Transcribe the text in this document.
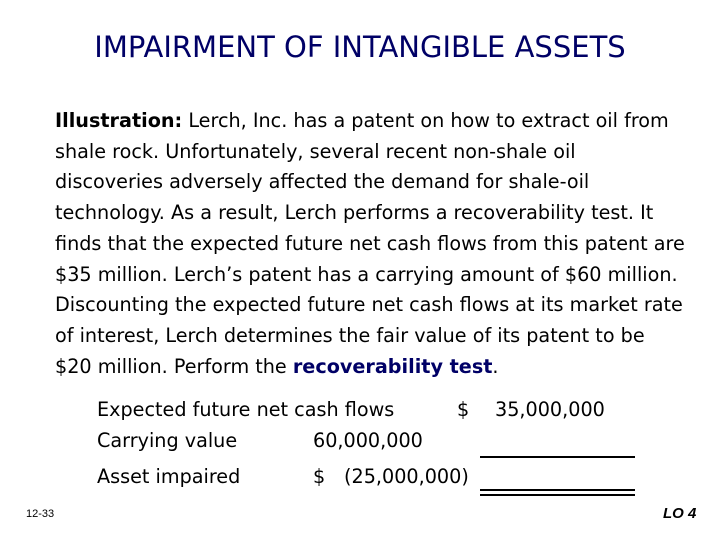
IMPAIRMENT OF INTANGIBLE ASSETS
Illustration: Lerch, Inc. has a patent on how to extract oil from shale rock. Unfortunately, several recent non-shale oil discoveries adversely affected the demand for shale-oil technology. As a result, Lerch performs a recoverability test. It finds that the expected future net cash flows from this patent are $35 million. Lerch’s patent has a carrying amount of $60 million. Discounting the expected future net cash flows at its market rate of interest, Lerch determines the fair value of its patent to be $20 million. Perform the recoverability test.
Expected future net cash flows	$ 35,000,000
Carrying value	60,000,000
Asset impaired	$ (25,000,000)
12-33	LO 4
